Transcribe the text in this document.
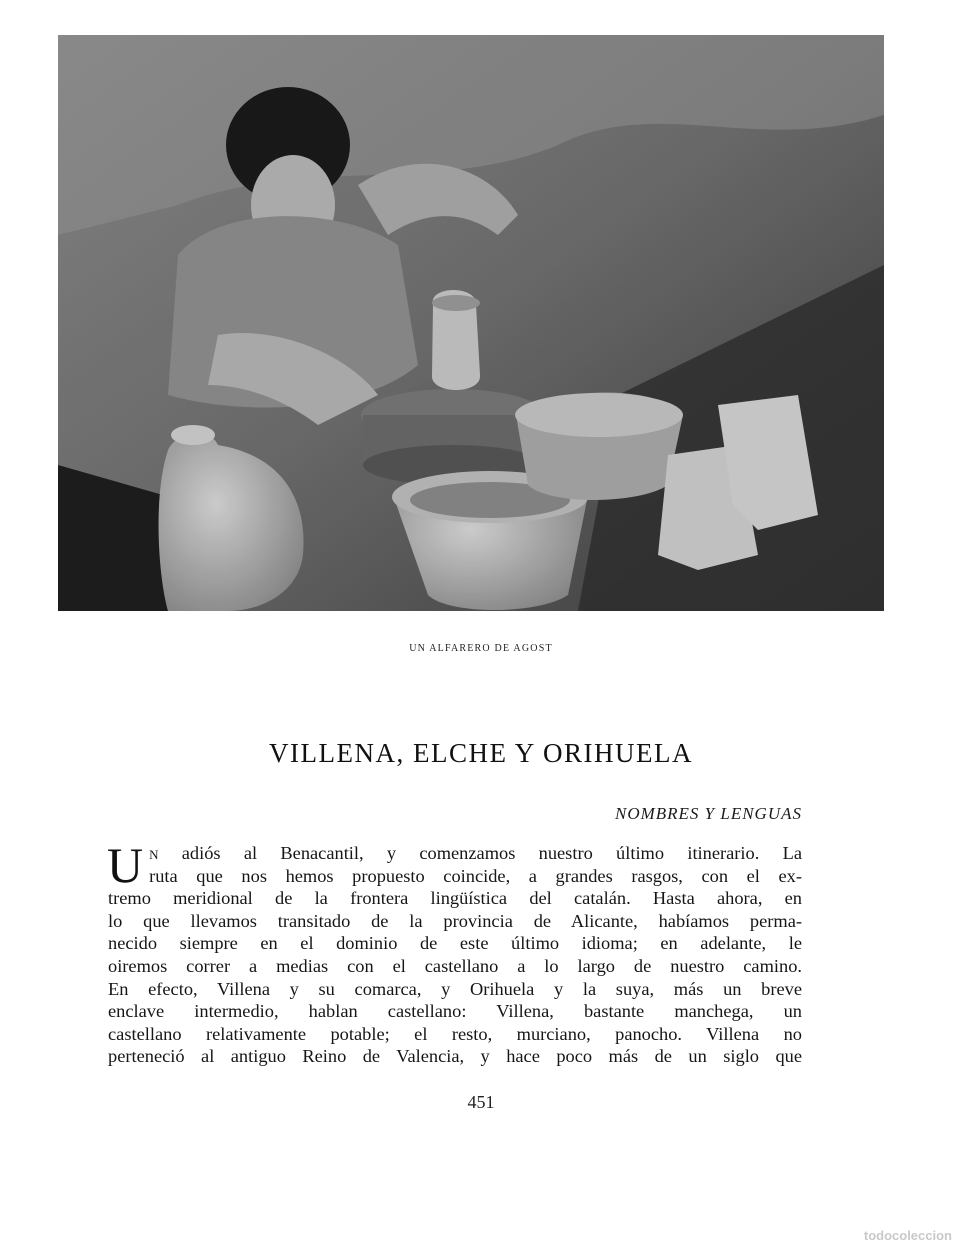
UN ALFARERO DE AGOST
VILLENA, ELCHE Y ORIHUELA
NOMBRES Y LENGUAS
U n adiós al Benacantil, y comenzamos nuestro último itinerario. La
ruta que nos hemos propuesto coincide, a grandes rasgos, con el ex-
tremo meridional de la frontera lingüística del catalán. Hasta ahora, en
lo que llevamos transitado de la provincia de Alicante, habíamos perma-
necido siempre en el dominio de este último idioma; en adelante, le
oiremos correr a medias con el castellano a lo largo de nuestro camino.
En efecto, Villena y su comarca, y Orihuela y la suya, más un breve
enclave intermedio, hablan castellano: Villena, bastante manchega, un
castellano relativamente potable; el resto, murciano, panocho. Villena no
perteneció al antiguo Reino de Valencia, y hace poco más de un siglo que
451
todocoleccion
